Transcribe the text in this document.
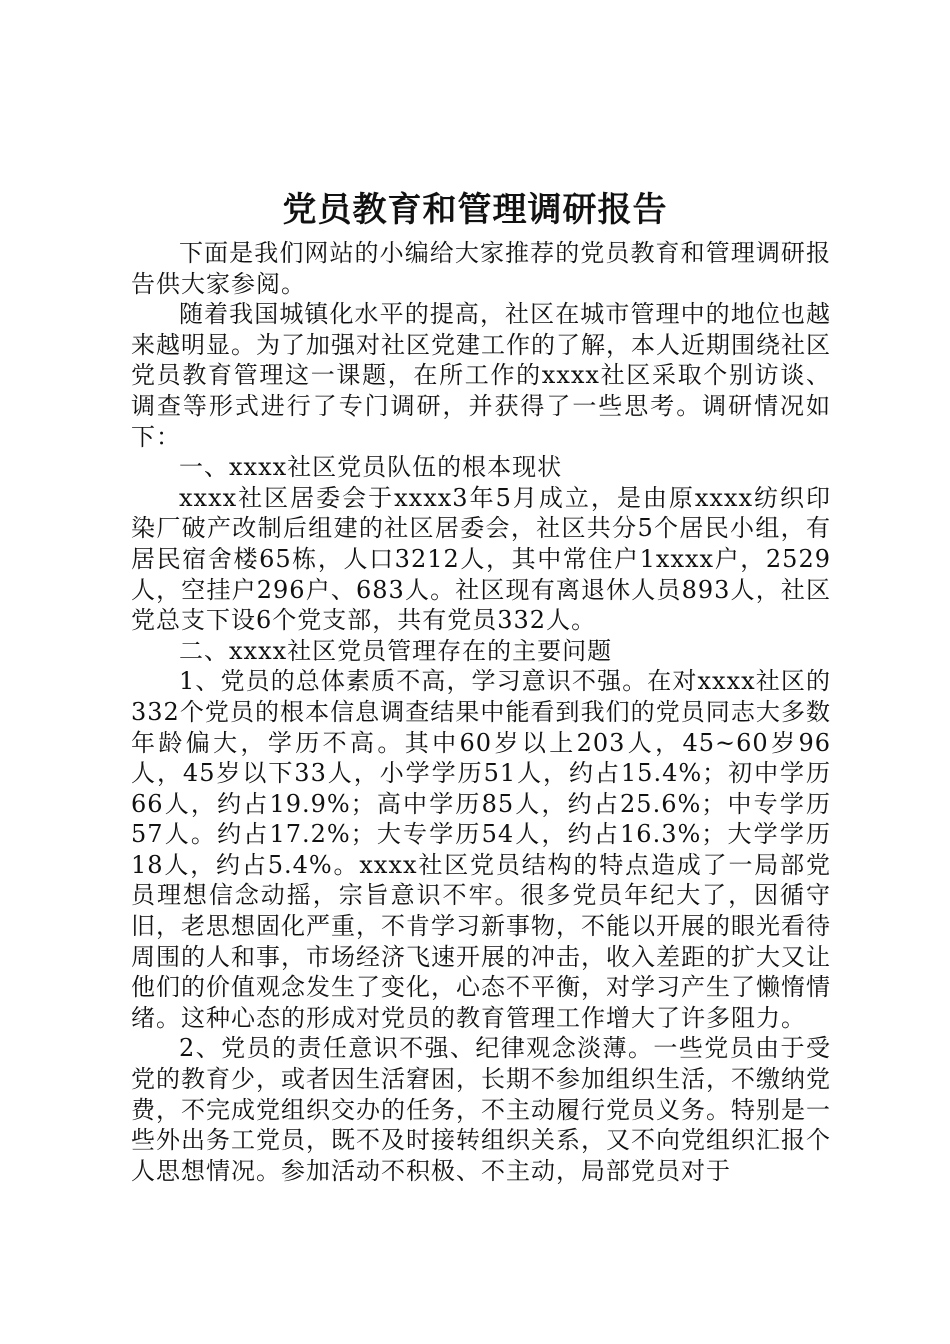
党员教育和管理调研报告

下面是我们网站的小编给大家推荐的党员教育和管理调研报告供大家参阅。

随着我国城镇化水平的提高，社区在城市管理中的地位也越来越明显。为了加强对社区党建工作的了解，本人近期围绕社区党员教育管理这一课题，在所工作的xxxx社区采取个别访谈、调查等形式进行了专门调研，并获得了一些思考。调研情况如下：

一、xxxx社区党员队伍的根本现状

xxxx社区居委会于xxxx3年5月成立，是由原xxxx纺织印染厂破产改制后组建的社区居委会，社区共分5个居民小组，有居民宿舍楼65栋，人口3212人，其中常住户1xxxx户，2529人，空挂户296户、683人。社区现有离退休人员893人，社区党总支下设6个党支部，共有党员332人。

二、xxxx社区党员管理存在的主要问题

1、党员的总体素质不高，学习意识不强。在对xxxx社区的332个党员的根本信息调查结果中能看到我们的党员同志大多数年龄偏大，学历不高。其中60岁以上203人，45~60岁96人，45岁以下33人，小学学历51人，约占15.4%；初中学历66人，约占19.9%；高中学历85人，约占25.6%；中专学历57人。约占17.2%；大专学历54人，约占16.3%；大学学历18人，约占5.4%。xxxx社区党员结构的特点造成了一局部党员理想信念动摇，宗旨意识不牢。很多党员年纪大了，因循守旧，老思想固化严重，不肯学习新事物，不能以开展的眼光看待周围的人和事，市场经济飞速开展的冲击，收入差距的扩大又让他们的价值观念发生了变化，心态不平衡，对学习产生了懒惰情绪。这种心态的形成对党员的教育管理工作增大了许多阻力。

2、党员的责任意识不强、纪律观念淡薄。一些党员由于受党的教育少，或者因生活窘困，长期不参加组织生活，不缴纳党费，不完成党组织交办的任务，不主动履行党员义务。特别是一些外出务工党员，既不及时接转组织关系，又不向党组织汇报个人思想情况。参加活动不积极、不主动，局部党员对于
